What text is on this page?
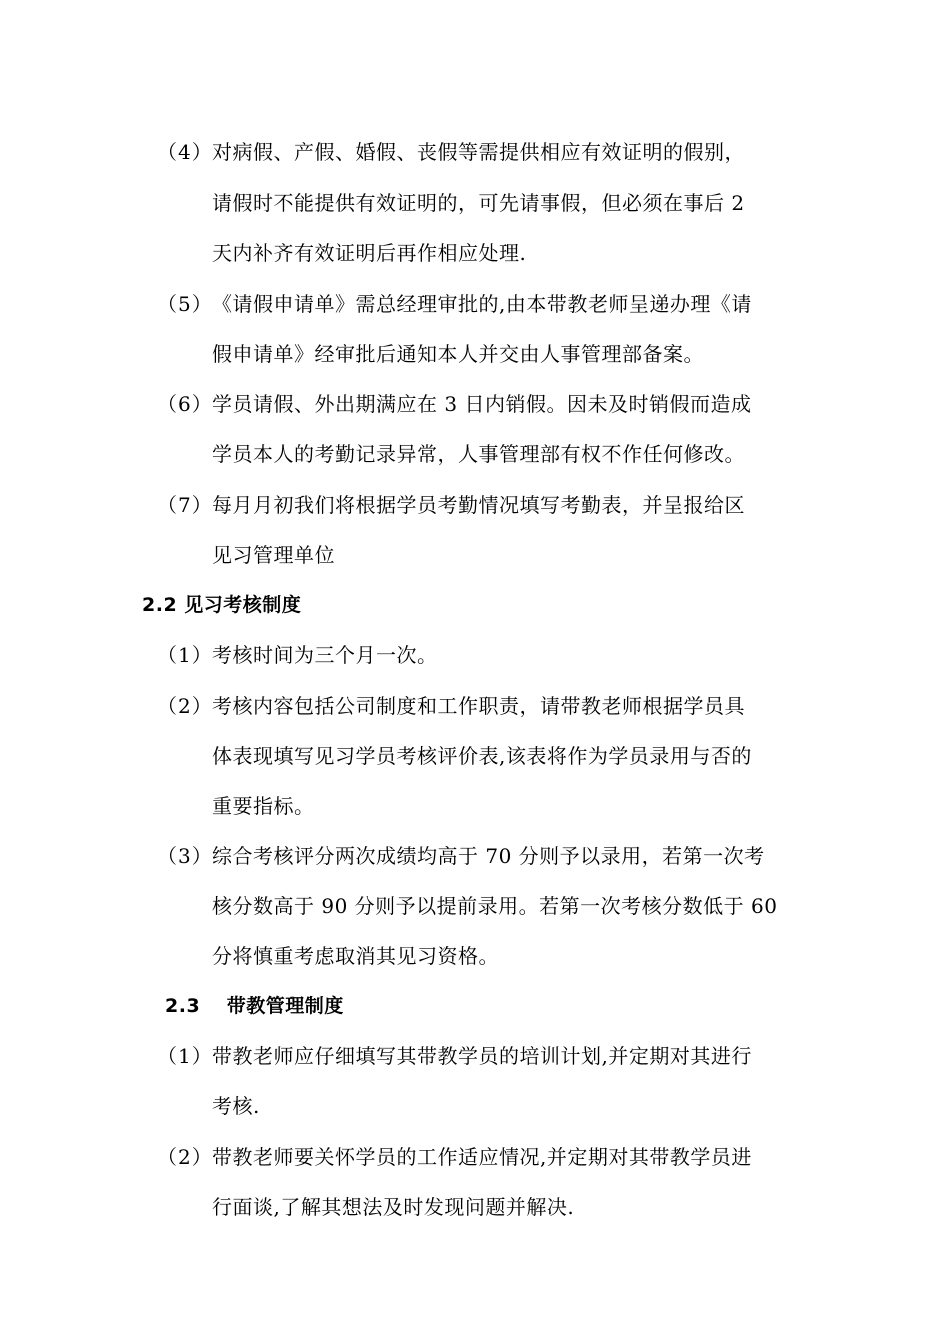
（4） 对病假、产假、婚假、丧假等需提供相应有效证明的假别，
请假时不能提供有效证明的，可先请事假，但必须在事后 2
天内补齐有效证明后再作相应处理.
（5） 《请假申请单》需总经理审批的,由本带教老师呈递办理《请
假申请单》经审批后通知本人并交由人事管理部备案。
（6） 学员请假、外出期满应在 3 日内销假。因未及时销假而造成
学员本人的考勤记录异常，人事管理部有权不作任何修改。
（7） 每月月初我们将根据学员考勤情况填写考勤表，并呈报给区
见习管理单位
2.2 见习考核制度
（1） 考核时间为三个月一次。
（2） 考核内容包括公司制度和工作职责，请带教老师根据学员具
体表现填写见习学员考核评价表,该表将作为学员录用与否的
重要指标。
（3） 综合考核评分两次成绩均高于 70 分则予以录用，若第一次考
核分数高于 90 分则予以提前录用。若第一次考核分数低于 60
分将慎重考虑取消其见习资格。
2.3　 带教管理制度
（1） 带教老师应仔细填写其带教学员的培训计划,并定期对其进行
考核.
（2） 带教老师要关怀学员的工作适应情况,并定期对其带教学员进
行面谈,了解其想法及时发现问题并解决.
